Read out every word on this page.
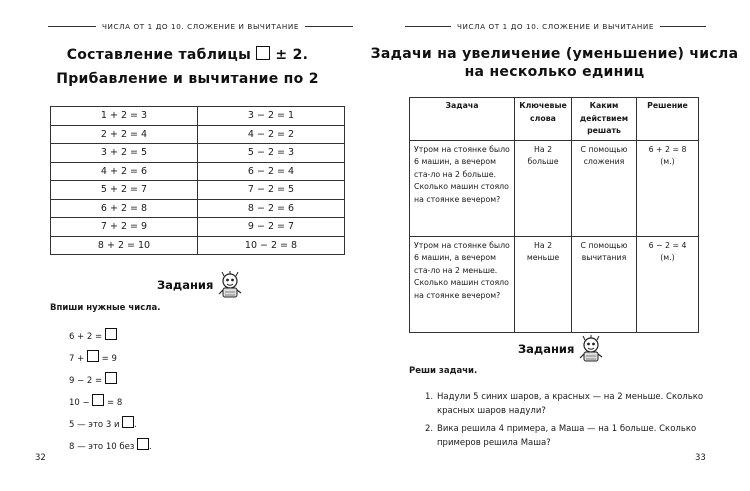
ЧИСЛА ОТ 1 ДО 10. СЛОЖЕНИЕ И ВЫЧИТАНИЕ
Составление таблицы ± 2.
Прибавление и вычитание по 2
1 + 2 = 3	3 − 2 = 1
2 + 2 = 4	4 − 2 = 2
3 + 2 = 5	5 − 2 = 3
4 + 2 = 6	6 − 2 = 4
5 + 2 = 7	7 − 2 = 5
6 + 2 = 8	8 − 2 = 6
7 + 2 = 9	9 − 2 = 7
8 + 2 = 10	10 − 2 = 8
Задания
Впиши нужные числа.
6 + 2 =
7 + = 9
9 − 2 =
10 − = 8
5 — это 3 и .
8 — это 10 без .
32
ЧИСЛА ОТ 1 ДО 10. СЛОЖЕНИЕ И ВЫЧИТАНИЕ
Задачи на увеличение (уменьшение) числа
на несколько единиц
Задания
Реши задачи.
33
Задача	Ключевые слова	Каким действием решать	Решение
Утром на стоянке было 6 машин, а вечером ста-ло на 2 больше. Сколько машин стояло на стоянке вечером?	На 2 больше	С помощью сложения	6 + 2 = 8 (м.)
Утром на стоянке было 6 машин, а вечером ста-ло на 2 меньше. Сколько машин стояло на стоянке вечером?	На 2 меньше	С помощью вычитания	6 − 2 = 4 (м.)
1. Надули 5 синих шаров, а красных — на 2 меньше. Сколько красных шаров надули?
2. Вика решила 4 примера, а Маша — на 1 больше. Сколько примеров решила Маша?
